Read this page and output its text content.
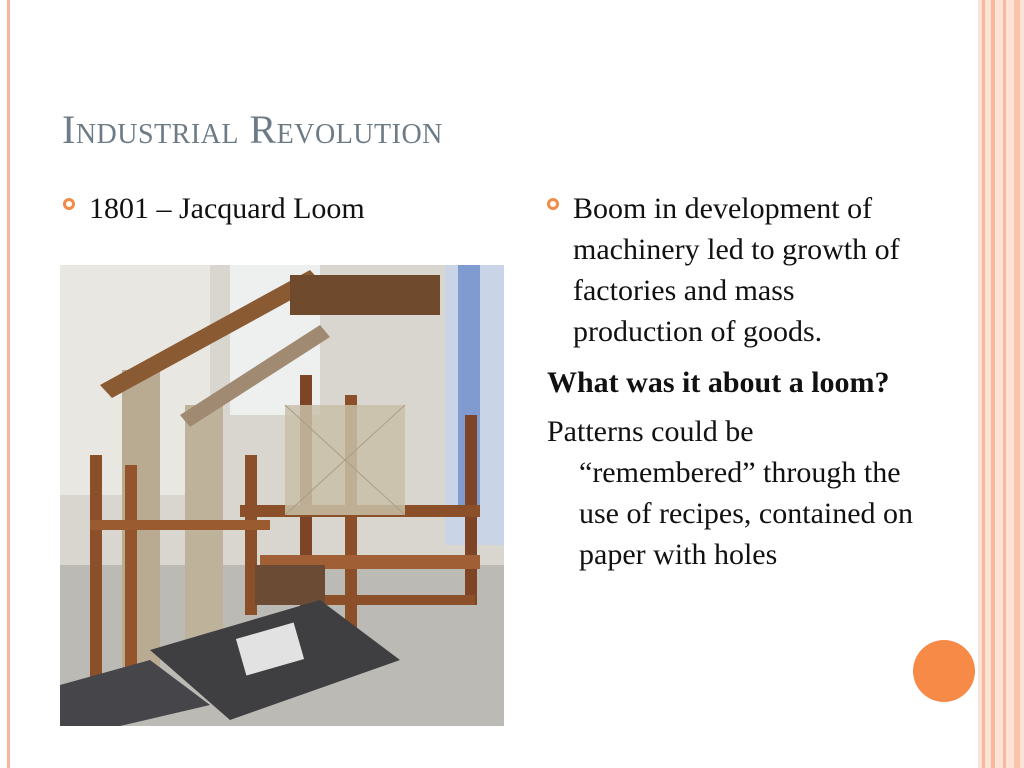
Industrial Revolution
1801 – Jacquard Loom	Boom in development of machinery led to growth of factories and mass production of goods.
What was it about a loom?
Patterns could be “remembered” through the use of recipes, contained on paper with holes
